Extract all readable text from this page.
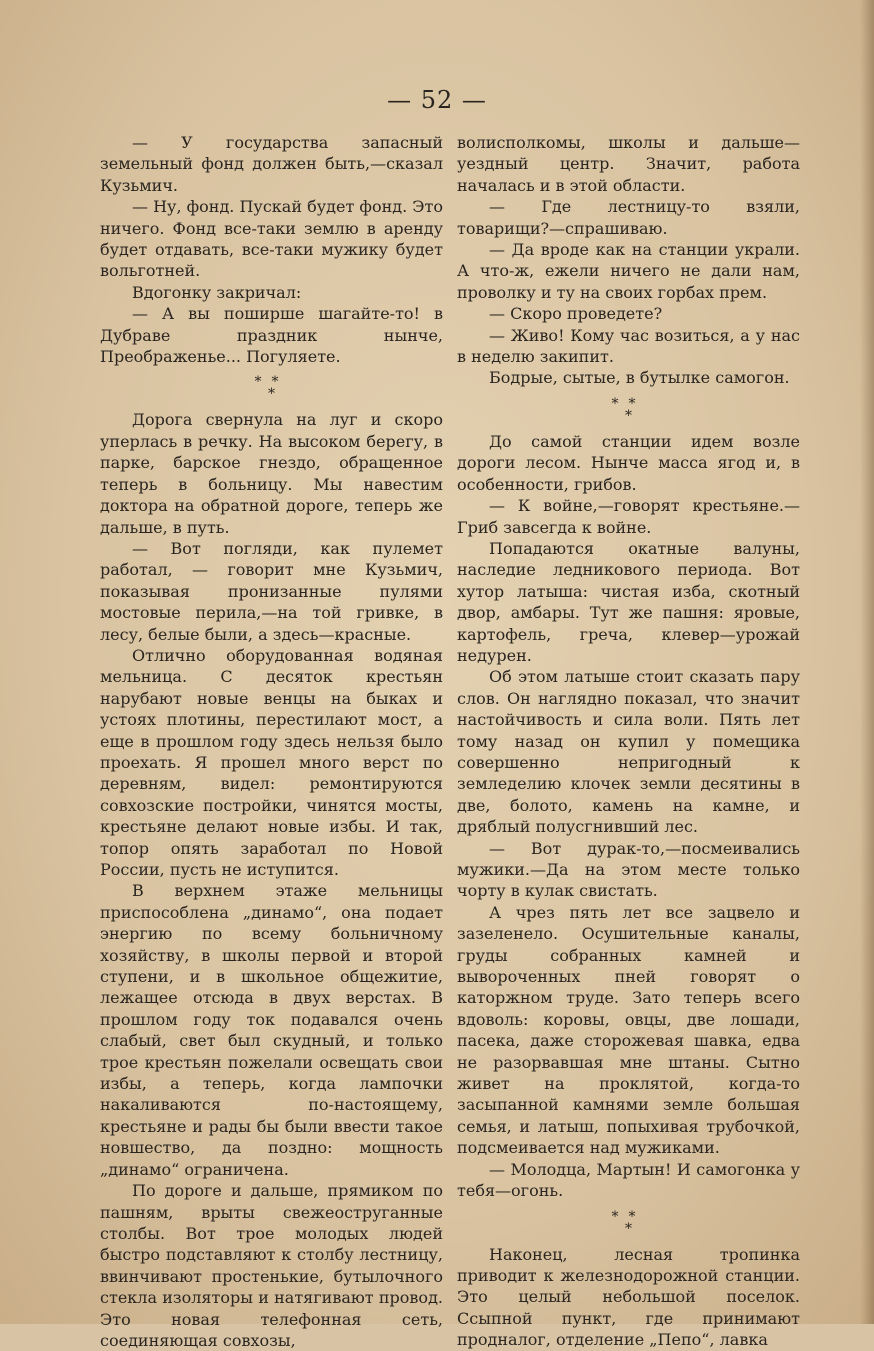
— 52 —

— У государства запасный земельный фонд должен быть,—сказал Кузьмич.

— Ну, фонд. Пускай будет фонд. Это ничего. Фонд все-таки землю в аренду будет отдавать, все-таки мужику будет вольготней.

Вдогонку закричал:

— А вы поширше шагайте-то! в Дубраве праздник нынче, Преображенье... Погуляете.

**
*

Дорога свернула на луг и скоро уперлась в речку. На высоком берегу, в парке, барское гнездо, обращенное теперь в больницу. Мы навестим доктора на обратной дороге, теперь же дальше, в путь.

— Вот погляди, как пулемет работал, — говорит мне Кузьмич, показывая пронизанные пулями мостовые перила,—на той гривке, в лесу, белые были, а здесь—красные.

Отлично оборудованная водяная мельница. С десяток крестьян нарубают новые венцы на быках и устоях плотины, перестилают мост, а еще в прошлом году здесь нельзя было проехать. Я прошел много верст по деревням, видел: ремонтируются совхозские постройки, чинятся мосты, крестьяне делают новые избы. И так, топор опять заработал по Новой России, пусть не иступится.

В верхнем этаже мельницы приспособлена „динамо“, она подает энергию по всему больничному хозяйству, в школы первой и второй ступени, и в школьное общежитие, лежащее отсюда в двух верстах. В прошлом году ток подавался очень слабый, свет был скудный, и только трое крестьян пожелали освещать свои избы, а теперь, когда лампочки накаливаются по-настоящему, крестьяне и рады бы были ввести такое новшество, да поздно: мощность „динамо“ ограничена.

По дороге и дальше, прямиком по пашням, врыты свежеоструганные столбы. Вот трое молодых людей быстро подставляют к столбу лестницу, ввинчивают простенькие, бутылочного стекла изоляторы и натягивают провод. Это новая телефонная сеть, соединяющая совхозы,

волисполкомы, школы и дальше—уездный центр. Значит, работа началась и в этой области.

— Где лестницу-то взяли, товарищи?—спрашиваю.

— Да вроде как на станции украли. А что-ж, ежели ничего не дали нам, проволку и ту на своих горбах прем.

— Скоро проведете?

— Живо! Кому час возиться, а у нас в неделю закипит.

Бодрые, сытые, в бутылке самогон.

**
*

До самой станции идем возле дороги лесом. Нынче масса ягод и, в особенности, грибов.

— К войне,—говорят крестьяне.— Гриб завсегда к войне.

Попадаются окатные валуны, наследие ледникового периода. Вот хутор латыша: чистая изба, скотный двор, амбары. Тут же пашня: яровые, картофель, греча, клевер—урожай недурен.

Об этом латыше стоит сказать пару слов. Он наглядно показал, что значит настойчивость и сила воли. Пять лет тому назад он купил у помещика совершенно непригодный к земледелию клочек земли десятины в две, болото, камень на камне, и дряблый полусгнивший лес.

— Вот дурак-то,—посмеивались мужики.—Да на этом месте только чорту в кулак свистать.

А чрез пять лет все зацвело и зазеленело. Осушительные каналы, груды собранных камней и вывороченных пней говорят о каторжном труде. Зато теперь всего вдоволь: коровы, овцы, две лошади, пасека, даже сторожевая шавка, едва не разорвавшая мне штаны. Сытно живет на проклятой, когда-то засыпанной камнями земле большая семья, и латыш, попыхивая трубочкой, подсмеивается над мужиками.

— Молодца, Мартын! И самогонка у тебя—огонь.

**
*

Наконец, лесная тропинка приводит к железнодорожной станции. Это целый небольшой поселок. Ссыпной пункт, где принимают продналог, отделение „Пепо“, лавка
